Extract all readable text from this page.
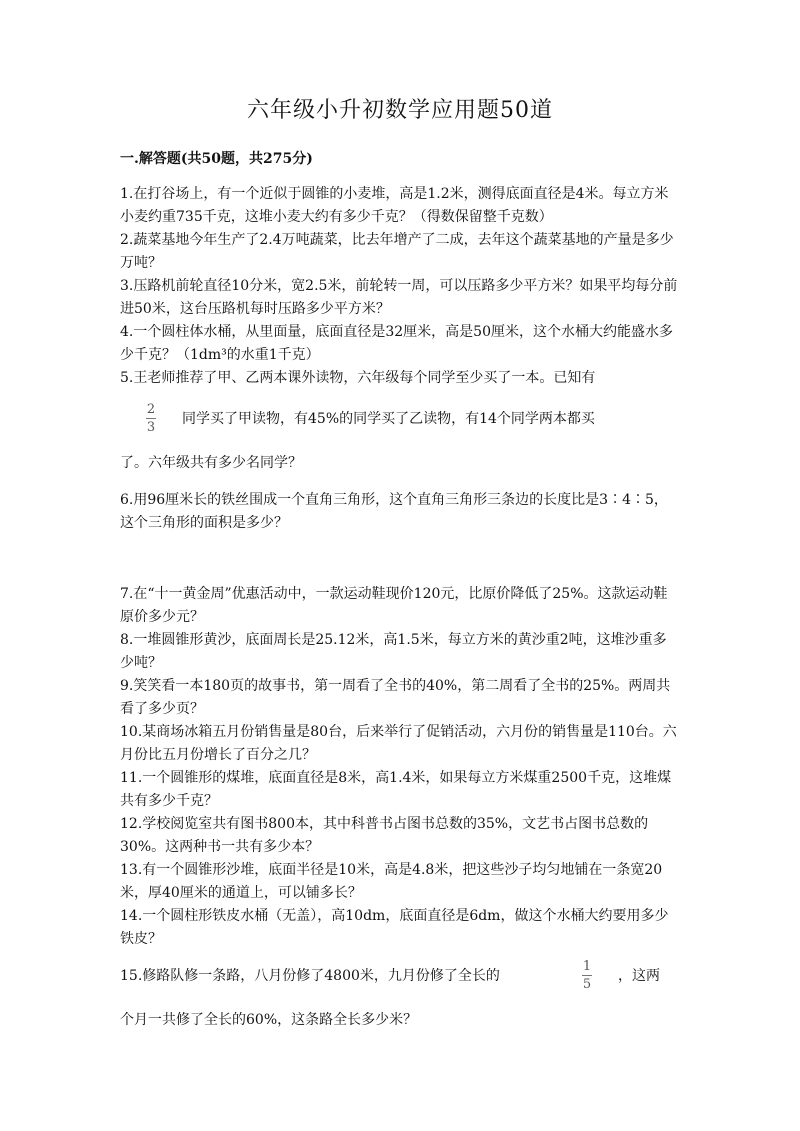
六年级小升初数学应用题50道
一.解答题(共50题，共275分)

1.在打谷场上，有一个近似于圆锥的小麦堆，高是1.2米，测得底面直径是4米。每立方米小麦约重735千克，这堆小麦大约有多少千克？（得数保留整千克数）

2.蔬菜基地今年生产了2.4万吨蔬菜，比去年增产了二成，去年这个蔬菜基地的产量是多少万吨？

3.压路机前轮直径10分米，宽2.5米，前轮转一周，可以压路多少平方米？如果平均每分前进50米，这台压路机每时压路多少平方米？

4.一个圆柱体水桶，从里面量，底面直径是32厘米，高是50厘米，这个水桶大约能盛水多少千克？（1dm³的水重1千克）

5.王老师推荐了甲、乙两本课外读物，六年级每个同学至少买了一本。已知有

2
3
同学买了甲读物，有45%的同学买了乙读物，有14个同学两本都买

了。六年级共有多少名同学？

6.用96厘米长的铁丝围成一个直角三角形，这个直角三角形三条边的长度比是3∶4∶5，这个三角形的面积是多少？

7.在“十一黄金周”优惠活动中，一款运动鞋现价120元，比原价降低了25%。这款运动鞋原价多少元？

8.一堆圆锥形黄沙，底面周长是25.12米，高1.5米，每立方米的黄沙重2吨，这堆沙重多少吨？

9.笑笑看一本180页的故事书，第一周看了全书的40%，第二周看了全书的25%。两周共看了多少页？

10.某商场冰箱五月份销售量是80台，后来举行了促销活动，六月份的销售量是110台。六月份比五月份增长了百分之几？

11.一个圆锥形的煤堆，底面直径是8米，高1.4米，如果每立方米煤重2500千克，这堆煤共有多少千克？

12.学校阅览室共有图书800本，其中科普书占图书总数的35%，文艺书占图书总数的30%。这两种书一共有多少本？

13.有一个圆锥形沙堆，底面半径是10米，高是4.8米，把这些沙子均匀地铺在一条宽20米，厚40厘米的通道上，可以铺多长？

14.一个圆柱形铁皮水桶（无盖），高10dm，底面直径是6dm，做这个水桶大约要用多少铁皮？

15.修路队修一条路，八月份修了4800米，九月份修了全长的
1
5
，这两

个月一共修了全长的60%，这条路全长多少米？
